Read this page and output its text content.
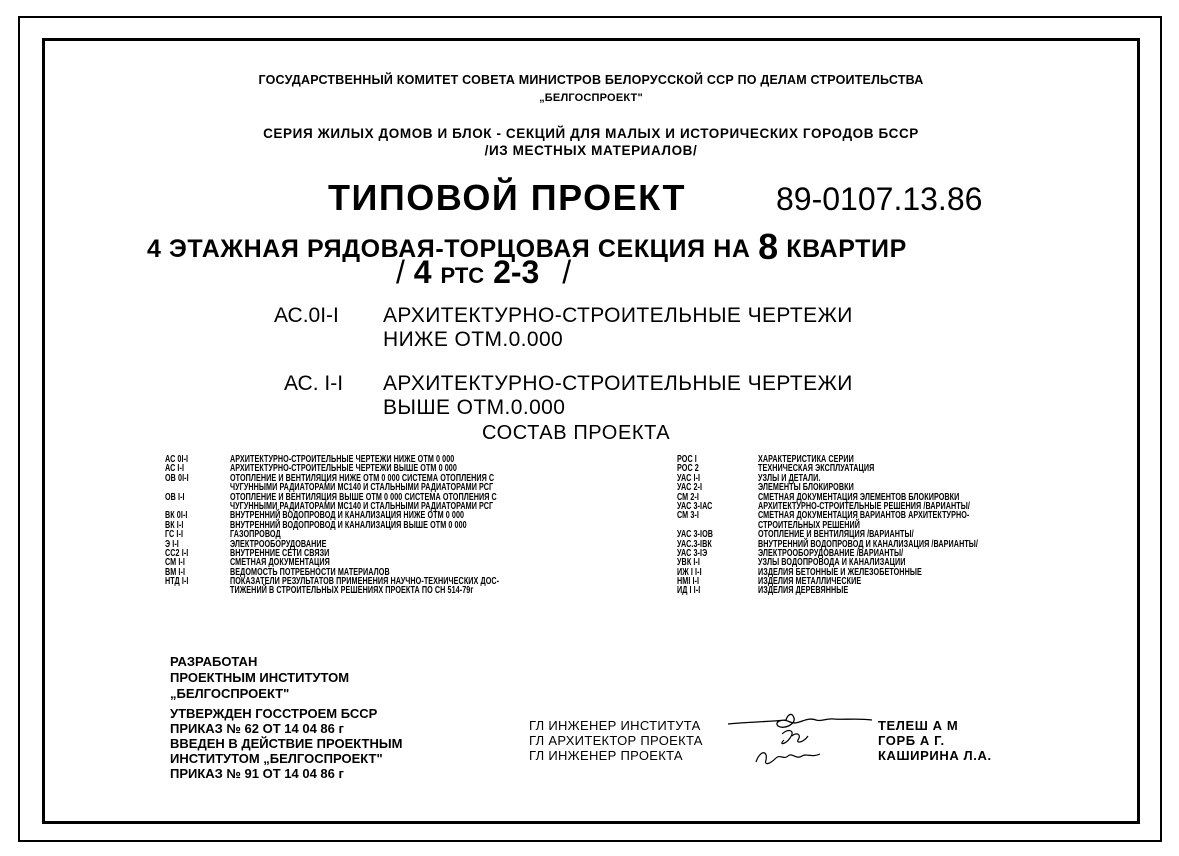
ГОСУДАРСТВЕННЫЙ КОМИТЕТ СОВЕТА МИНИСТРОВ БЕЛОРУССКОЙ ССР ПО ДЕЛАМ СТРОИТЕЛЬСТВА
„БЕЛГОСПРОЕКТ"
СЕРИЯ ЖИЛЫХ ДОМОВ И БЛОК - СЕКЦИЙ ДЛЯ МАЛЫХ И ИСТОРИЧЕСКИХ ГОРОДОВ БССР
/ИЗ МЕСТНЫХ МАТЕРИАЛОВ/
ТИПОВОЙ ПРОЕКТ	89-0107.13.86
4 ЭТАЖНАЯ РЯДОВАЯ-ТОРЦОВАЯ СЕКЦИЯ НА 8 КВАРТИР
/ 4 РТС 2-3 /
АС.0I-I АРХИТЕКТУРНО-СТРОИТЕЛЬНЫЕ ЧЕРТЕЖИ
НИЖЕ ОТМ.0.000
АС. I-I АРХИТЕКТУРНО-СТРОИТЕЛЬНЫЕ ЧЕРТЕЖИ
ВЫШЕ ОТМ.0.000
СОСТАВ ПРОЕКТА
АС 0I-I
АС I-I
ОВ 0I-I
ОВ I-I
ВК 0I-I
ВК I-I
ГС I-I
Э I-I
СС2 I-I
СМ I-I
ВМ I-I
НТД I-I
АРХИТЕКТУРНО-СТРОИТЕЛЬНЫЕ ЧЕРТЕЖИ НИЖЕ ОТМ 0 000
АРХИТЕКТУРНО-СТРОИТЕЛЬНЫЕ ЧЕРТЕЖИ ВЫШЕ ОТМ 0 000
ОТОПЛЕНИЕ И ВЕНТИЛЯЦИЯ НИЖЕ ОТМ 0 000 СИСТЕМА ОТОПЛЕНИЯ С
ЧУГУННЫМИ РАДИАТОРАМИ МС140 И СТАЛЬНЫМИ РАДИАТОРАМИ РСГ
ОТОПЛЕНИЕ И ВЕНТИЛЯЦИЯ ВЫШЕ ОТМ 0 000 СИСТЕМА ОТОПЛЕНИЯ С
ЧУГУННЫМИ РАДИАТОРАМИ МС140 И СТАЛЬНЫМИ РАДИАТОРАМИ РСГ
ВНУТРЕННИЙ ВОДОПРОВОД И КАНАЛИЗАЦИЯ НИЖЕ ОТМ 0 000
ВНУТРЕННИЙ ВОДОПРОВОД И КАНАЛИЗАЦИЯ ВЫШЕ ОТМ 0 000
ГАЗОПРОВОД
ЭЛЕКТРООБОРУДОВАНИЕ
ВНУТРЕННИЕ СЕТИ СВЯЗИ
СМЕТНАЯ ДОКУМЕНТАЦИЯ
ВЕДОМОСТЬ ПОТРЕБНОСТИ МАТЕРИАЛОВ
ПОКАЗАТЕЛИ РЕЗУЛЬТАТОВ ПРИМЕНЕНИЯ НАУЧНО-ТЕХНИЧЕСКИХ ДОС-
ТИЖЕНИЙ В СТРОИТЕЛЬНЫХ РЕШЕНИЯХ ПРОЕКТА ПО СН 514-79г
РОС I
РОС 2
УАС I-I
УАС 2-I
СМ 2-I
УАС 3-IАС
СМ 3-I
УАС 3-IОВ
УАС.3-IВК
УАС 3-IЭ
УВК I-I
ИЖ I I-I
НМI I-I
ИД I I-I
ХАРАКТЕРИСТИКА СЕРИИ
ТЕХНИЧЕСКАЯ ЭКСПЛУАТАЦИЯ
УЗЛЫ И ДЕТАЛИ.
ЭЛЕМЕНТЫ БЛОКИРОВКИ
СМЕТНАЯ ДОКУМЕНТАЦИЯ ЭЛЕМЕНТОВ БЛОКИРОВКИ
АРХИТЕКТУРНО-СТРОИТЕЛЬНЫЕ РЕШЕНИЯ /ВАРИАНТЫ/
СМЕТНАЯ ДОКУМЕНТАЦИЯ ВАРИАНТОВ АРХИТЕКТУРНО-
СТРОИТЕЛЬНЫХ РЕШЕНИЙ
ОТОПЛЕНИЕ И ВЕНТИЛЯЦИЯ /ВАРИАНТЫ/
ВНУТРЕННИЙ ВОДОПРОВОД И КАНАЛИЗАЦИЯ /ВАРИАНТЫ/
ЭЛЕКТРООБОРУДОВАНИЕ /ВАРИАНТЫ/
УЗЛЫ ВОДОПРОВОДА И КАНАЛИЗАЦИИ
ИЗДЕЛИЯ БЕТОННЫЕ И ЖЕЛЕЗОБЕТОННЫЕ
ИЗДЕЛИЯ МЕТАЛЛИЧЕСКИЕ
ИЗДЕЛИЯ ДЕРЕВЯННЫЕ
РАЗРАБОТАН
ПРОЕКТНЫМ ИНСТИТУТОМ
„БЕЛГОСПРОЕКТ"
УТВЕРЖДЕН ГОССТРОЕМ БССР
ПРИКАЗ № 62 ОТ 14 04 86 г
ВВЕДЕН В ДЕЙСТВИЕ ПРОЕКТНЫМ
ИНСТИТУТОМ „БЕЛГОСПРОЕКТ"
ПРИКАЗ № 91 ОТ 14 04 86 г
ГЛ ИНЖЕНЕР ИНСТИТУТА
ГЛ АРХИТЕКТОР ПРОЕКТА
ГЛ ИНЖЕНЕР ПРОЕКТА
ТЕЛЕШ А М
ГОРБ А Г.
КАШИРИНА Л.А.
